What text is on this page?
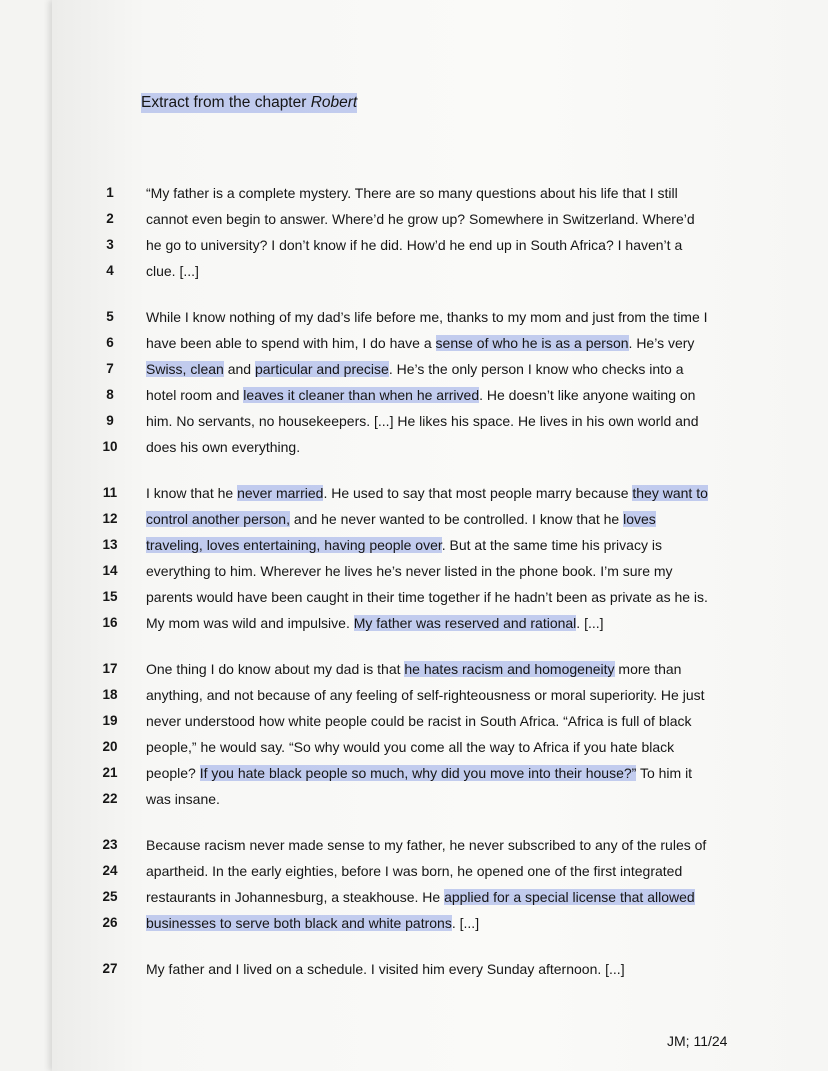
Extract from the chapter Robert
1	“My father is a complete mystery. There are so many questions about his life that I still
2	cannot even begin to answer. Where’d he grow up? Somewhere in Switzerland. Where’d
3	he go to university? I don’t know if he did. How’d he end up in South Africa? I haven’t a
4	clue. [...]
5	While I know nothing of my dad’s life before me, thanks to my mom and just from the time I
6	have been able to spend with him, I do have a sense of who he is as a person. He’s very
7	Swiss, clean and particular and precise. He’s the only person I know who checks into a
8	hotel room and leaves it cleaner than when he arrived. He doesn’t like anyone waiting on
9	him. No servants, no housekeepers. [...] He likes his space. He lives in his own world and
10	does his own everything.
11	I know that he never married. He used to say that most people marry because they want to
12	control another person, and he never wanted to be controlled. I know that he loves
13	traveling, loves entertaining, having people over. But at the same time his privacy is
14	everything to him. Wherever he lives he’s never listed in the phone book. I’m sure my
15	parents would have been caught in their time together if he hadn’t been as private as he is.
16	My mom was wild and impulsive. My father was reserved and rational. [...]
17	One thing I do know about my dad is that he hates racism and homogeneity more than
18	anything, and not because of any feeling of self-righteousness or moral superiority. He just
19	never understood how white people could be racist in South Africa. “Africa is full of black
20	people,” he would say. “So why would you come all the way to Africa if you hate black
21	people? If you hate black people so much, why did you move into their house?” To him it
22	was insane.
23	Because racism never made sense to my father, he never subscribed to any of the rules of
24	apartheid. In the early eighties, before I was born, he opened one of the first integrated
25	restaurants in Johannesburg, a steakhouse. He applied for a special license that allowed
26	businesses to serve both black and white patrons. [...]
27	My father and I lived on a schedule. I visited him every Sunday afternoon. [...]
JM; 11/24
